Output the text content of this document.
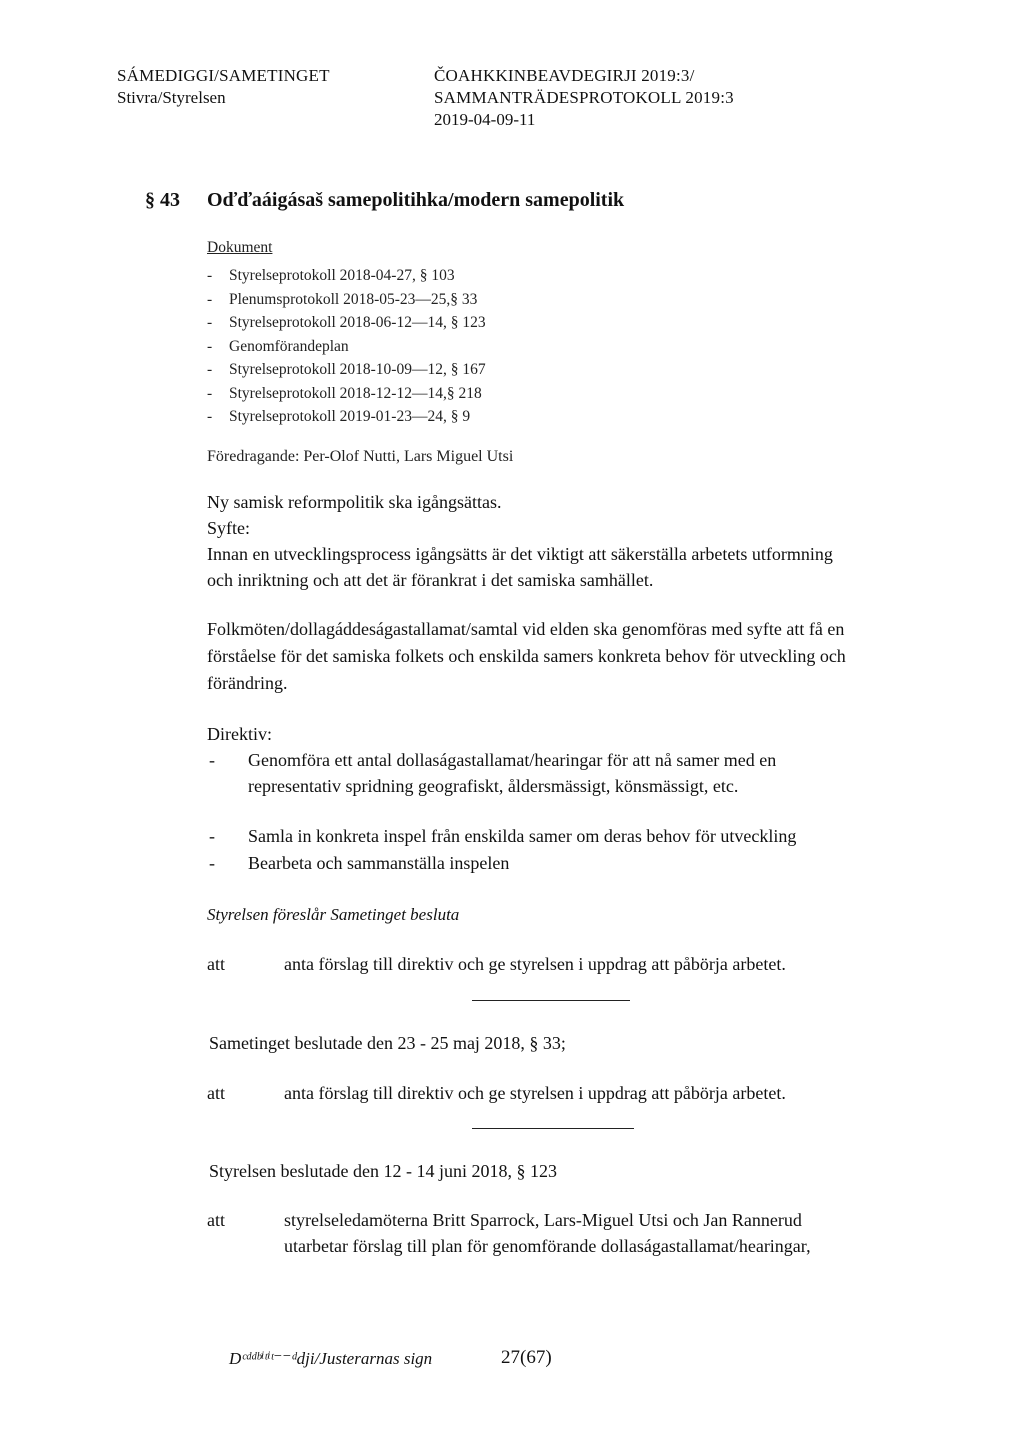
SÁMEDIGGI/SAMETINGET
Stivra/Styrelsen
ČOAHKKINBEAVDEGIRJI 2019:3/
SAMMANTRÄDESPROTOKOLL 2019:3
2019-04-09-11
§ 43 Oďďaáigásaš samepolitihka/modern samepolitik
Dokument
- Styrelseprotokoll 2018-04-27, § 103
- Plenumsprotokoll 2018-05-23—25,§ 33
- Styrelseprotokoll 2018-06-12—14, § 123
- Genomförandeplan
- Styrelseprotokoll 2018-10-09—12, § 167
- Styrelseprotokoll 2018-12-12—14,§ 218
- Styrelseprotokoll 2019-01-23—24, § 9
Föredragande: Per-Olof Nutti, Lars Miguel Utsi
Ny samisk reformpolitik ska igångsättas.
Syfte:
Innan en utvecklingsprocess igångsätts är det viktigt att säkerställa arbetets utformning
och inriktning och att det är förankrat i det samiska samhället.
Folkmöten/dollagáddeságastallamat/samtal vid elden ska genomföras med syfte att få en
förståelse för det samiska folkets och enskilda samers konkreta behov för utveckling och
förändring.
Direktiv:
- Genomföra ett antal dollaságastallamat/hearingar för att nå samer med en
representativ spridning geografiskt, åldersmässigt, könsmässigt, etc.
- Samla in konkreta inspel från enskilda samer om deras behov för utveckling
- Bearbeta och sammanställa inspelen
Styrelsen föreslår Sametinget besluta
att	anta förslag till direktiv och ge styrelsen i uppdrag att påbörja arbetet.
Sametinget beslutade den 23 - 25 maj 2018, § 33;
att	anta förslag till direktiv och ge styrelsen i uppdrag att påbörja arbetet.
Styrelsen beslutade den 12 - 14 juni 2018, § 123
att	styrelseledamöterna Britt Sparrock, Lars-Miguel Utsi och Jan Rannerud
utarbetar förslag till plan för genomförande dollaságastallamat/hearingar,
Dᶜᵈᵈᵇⁱᵗⁱᵗ⁻⁻ᵈdji/Justerarnas sign	27(67)
